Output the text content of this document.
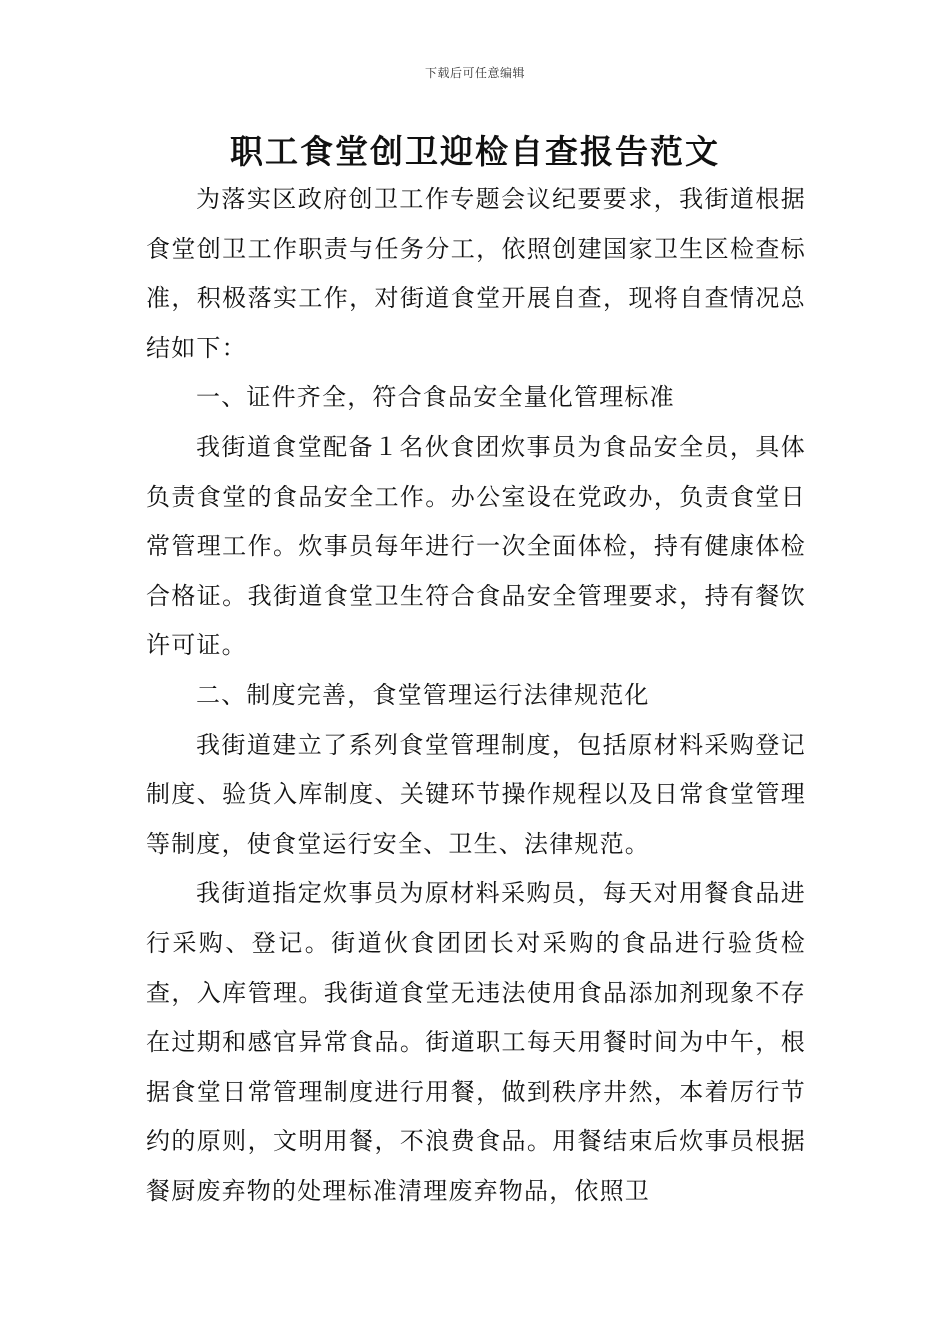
下载后可任意编辑
职工食堂创卫迎检自查报告范文

为落实区政府创卫工作专题会议纪要要求，我街道根据食堂创卫工作职责与任务分工，依照创建国家卫生区检查标准，积极落实工作，对街道食堂开展自查，现将自查情况总结如下：

一、证件齐全，符合食品安全量化管理标准

我街道食堂配备１名伙食团炊事员为食品安全员，具体负责食堂的食品安全工作。办公室设在党政办，负责食堂日常管理工作。炊事员每年进行一次全面体检，持有健康体检合格证。我街道食堂卫生符合食品安全管理要求，持有餐饮许可证。

二、制度完善，食堂管理运行法律规范化

我街道建立了系列食堂管理制度，包括原材料采购登记制度、验货入库制度、关键环节操作规程以及日常食堂管理等制度，使食堂运行安全、卫生、法律规范。

我街道指定炊事员为原材料采购员，每天对用餐食品进行采购、登记。街道伙食团团长对采购的食品进行验货检查，入库管理。我街道食堂无违法使用食品添加剂现象不存在过期和感官异常食品。街道职工每天用餐时间为中午，根据食堂日常管理制度进行用餐，做到秩序井然，本着厉行节约的原则，文明用餐，不浪费食品。用餐结束后炊事员根据餐厨废弃物的处理标准清理废弃物品，依照卫
